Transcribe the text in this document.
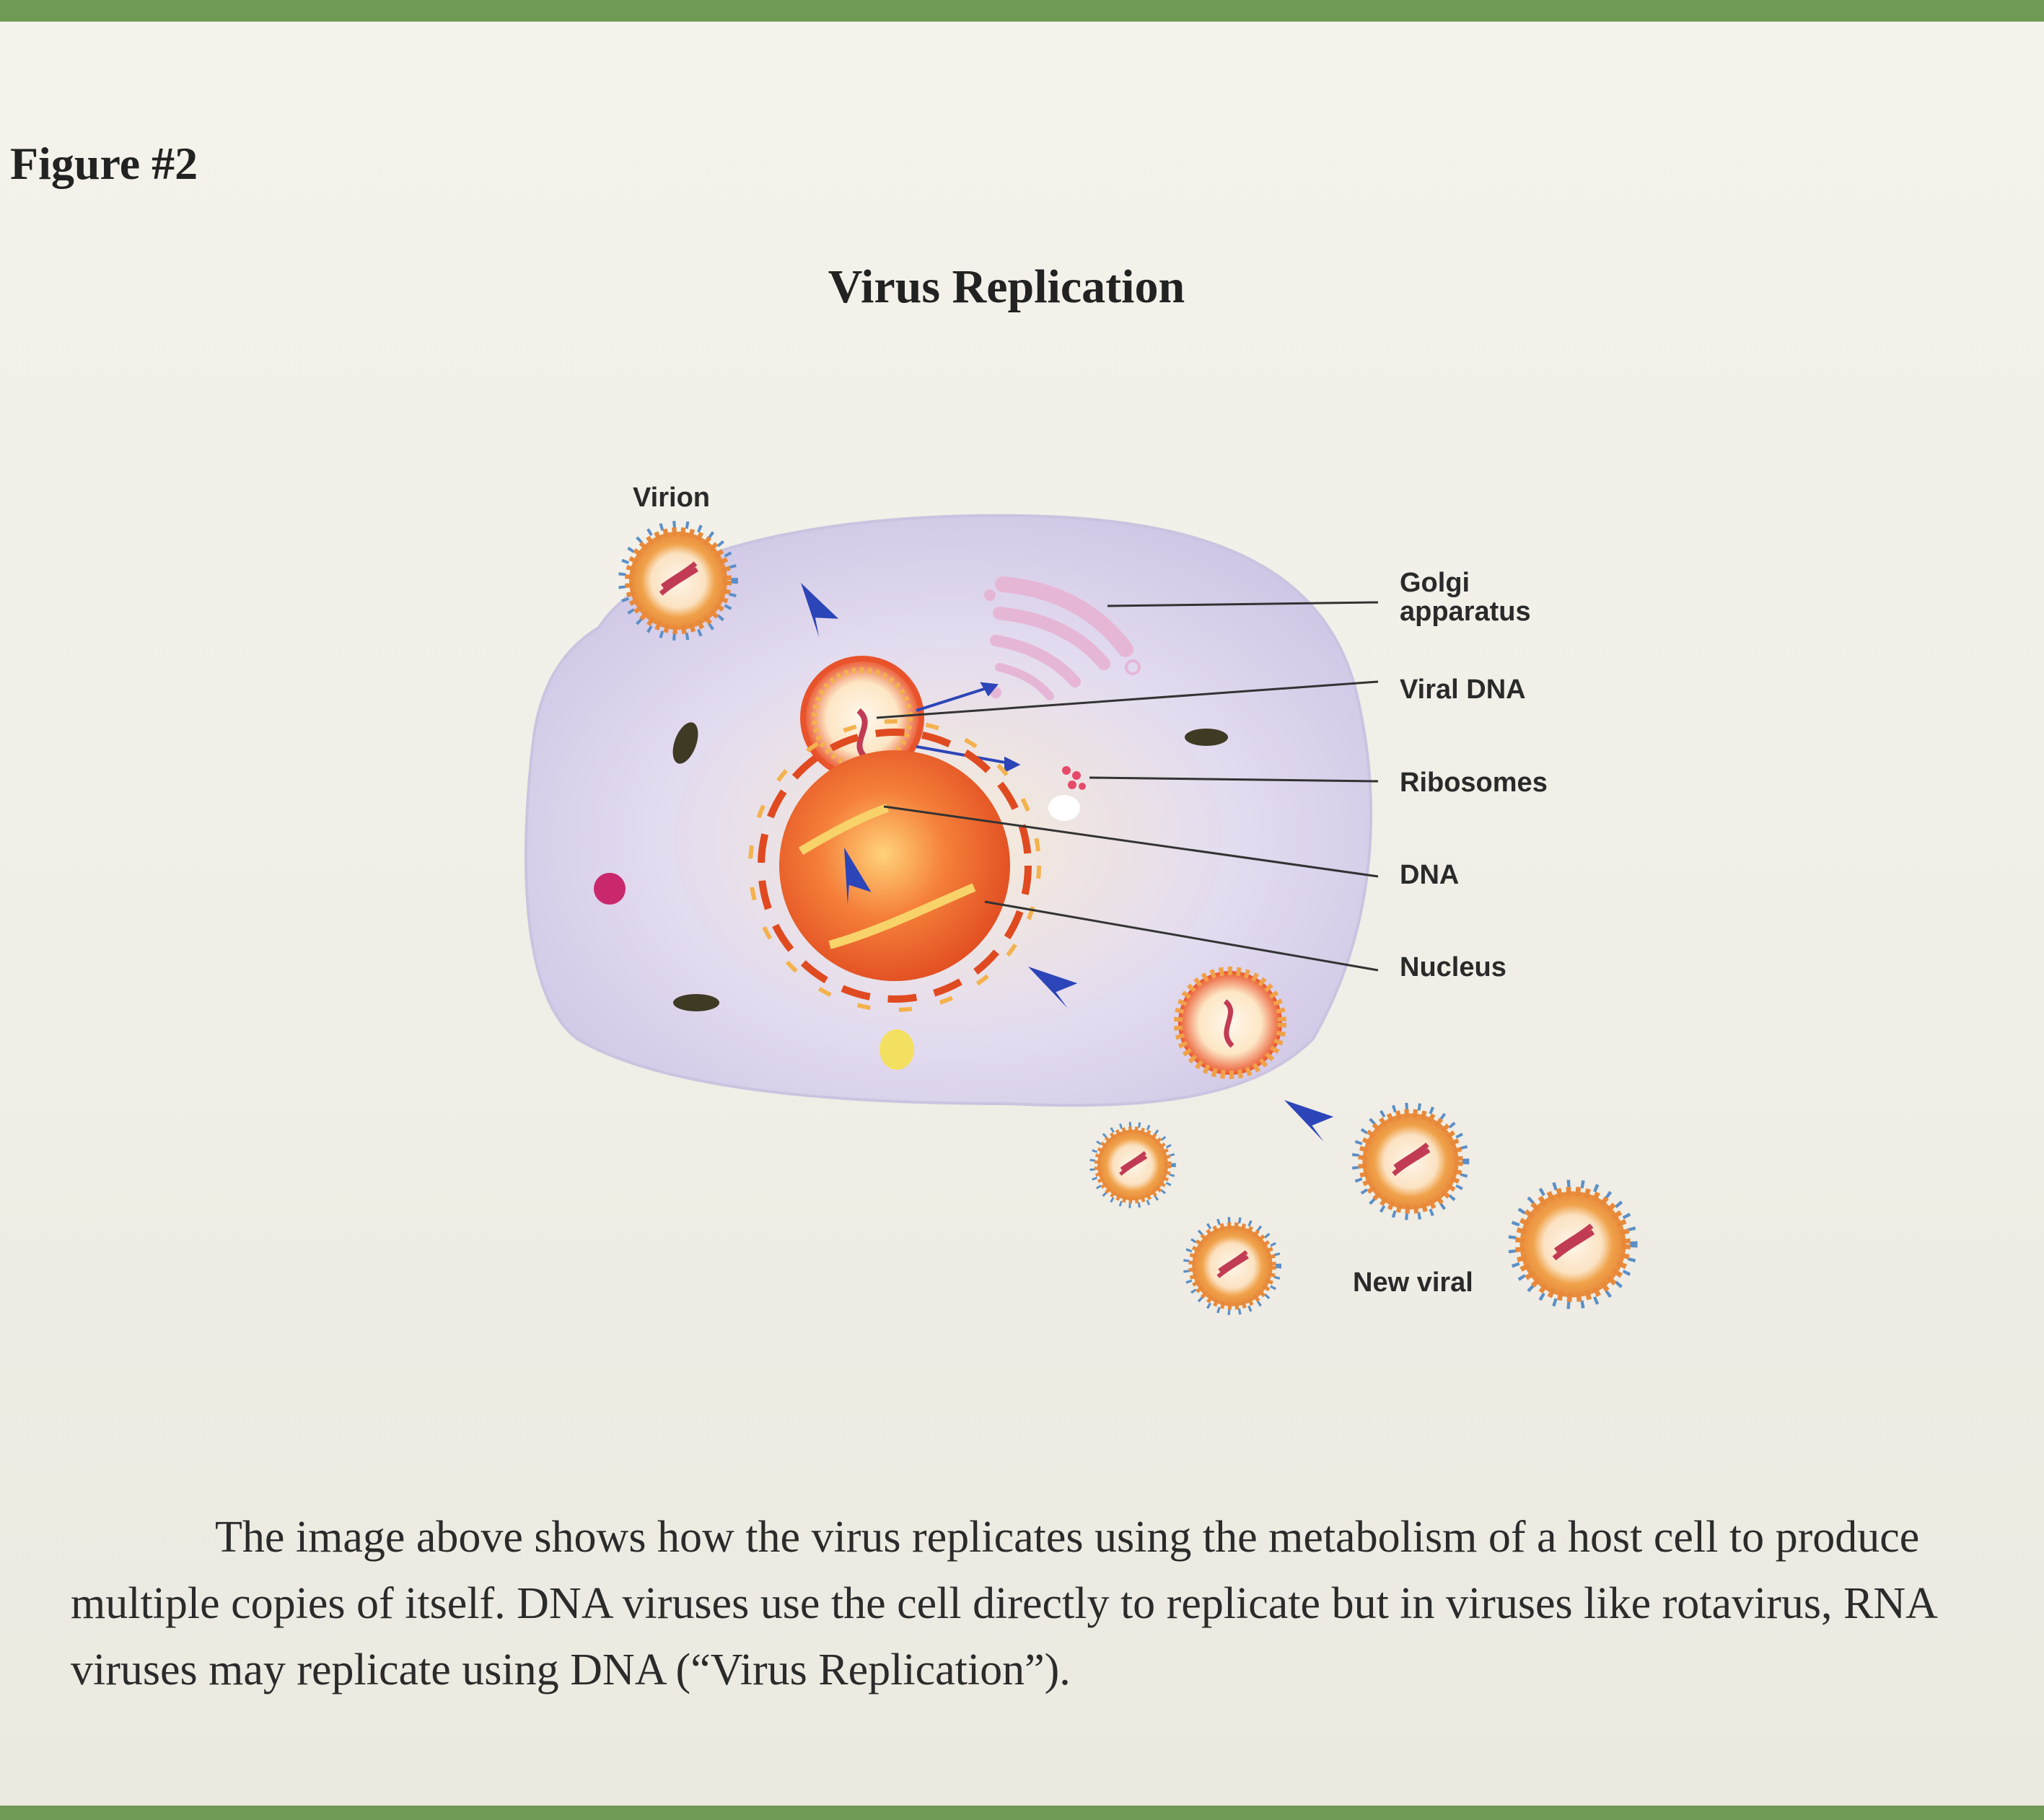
Figure #2
Virus Replication
Virion
Golgi
apparatus
Viral DNA
Ribosomes
DNA
Nucleus
New viral
The image above shows how the virus replicates using the metabolism of a host cell to produce multiple copies of itself. DNA viruses use the cell directly to replicate but in viruses like rotavirus, RNA viruses may replicate using DNA (“Virus Replication”).
